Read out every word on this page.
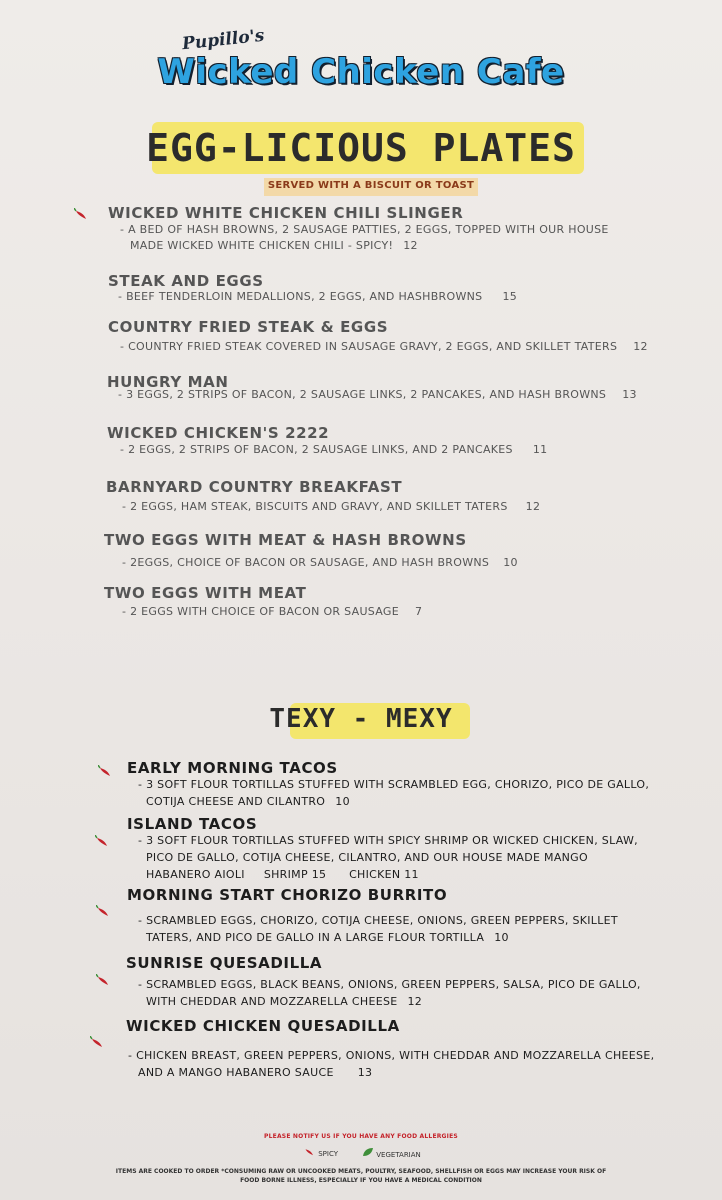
Pupillo's
Wicked Chicken Cafe
EGG-LICIOUS PLATES
SERVED WITH A BISCUIT OR TOAST
WICKED WHITE CHICKEN CHILI SLINGER
- A BED OF HASH BROWNS, 2 SAUSAGE PATTIES, 2 EGGS, TOPPED WITH OUR HOUSE
MADE WICKED WHITE CHICKEN CHILI - SPICY! 12
STEAK AND EGGS
- BEEF TENDERLOIN MEDALLIONS, 2 EGGS, AND HASHBROWNS 15
COUNTRY FRIED STEAK & EGGS
- COUNTRY FRIED STEAK COVERED IN SAUSAGE GRAVY, 2 EGGS, AND SKILLET TATERS 12
HUNGRY MAN
- 3 EGGS, 2 STRIPS OF BACON, 2 SAUSAGE LINKS, 2 PANCAKES, AND HASH BROWNS 13
WICKED CHICKEN'S 2222
- 2 EGGS, 2 STRIPS OF BACON, 2 SAUSAGE LINKS, AND 2 PANCAKES 11
BARNYARD COUNTRY BREAKFAST
- 2 EGGS, HAM STEAK, BISCUITS AND GRAVY, AND SKILLET TATERS 12
TWO EGGS WITH MEAT & HASH BROWNS
- 2EGGS, CHOICE OF BACON OR SAUSAGE, AND HASH BROWNS 10
TWO EGGS WITH MEAT
- 2 EGGS WITH CHOICE OF BACON OR SAUSAGE 7
TEXY - MEXY
EARLY MORNING TACOS
- 3 SOFT FLOUR TORTILLAS STUFFED WITH SCRAMBLED EGG, CHORIZO, PICO DE GALLO,
COTIJA CHEESE AND CILANTRO 10
ISLAND TACOS
- 3 SOFT FLOUR TORTILLAS STUFFED WITH SPICY SHRIMP OR WICKED CHICKEN, SLAW,
PICO DE GALLO, COTIJA CHEESE, CILANTRO, AND OUR HOUSE MADE MANGO
HABANERO AIOLI     SHRIMP 15      CHICKEN 11
MORNING START CHORIZO BURRITO
- SCRAMBLED EGGS, CHORIZO, COTIJA CHEESE, ONIONS, GREEN PEPPERS, SKILLET
TATERS, AND PICO DE GALLO IN A LARGE FLOUR TORTILLA 10
SUNRISE QUESADILLA
- SCRAMBLED EGGS, BLACK BEANS, ONIONS, GREEN PEPPERS, SALSA, PICO DE GALLO,
WITH CHEDDAR AND MOZZARELLA CHEESE 12
WICKED CHICKEN QUESADILLA
- CHICKEN BREAST, GREEN PEPPERS, ONIONS, WITH CHEDDAR AND MOZZARELLA CHEESE,
AND A MANGO HABANERO SAUCE 13
PLEASE NOTIFY US IF YOU HAVE ANY FOOD ALLERGIES
SPICY	VEGETARIAN
ITEMS ARE COOKED TO ORDER *CONSUMING RAW OR UNCOOKED MEATS, POULTRY, SEAFOOD, SHELLFISH OR EGGS MAY INCREASE YOUR RISK OF
FOOD BORNE ILLNESS, ESPECIALLY IF YOU HAVE A MEDICAL CONDITION
